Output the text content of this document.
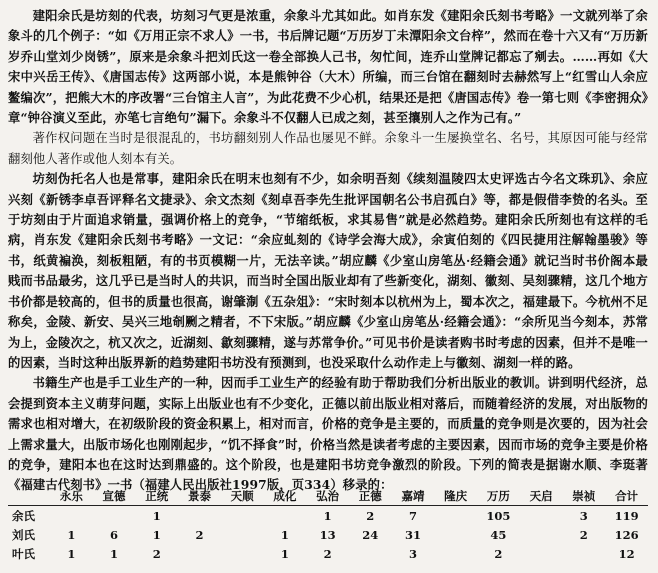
建阳余氏是坊刻的代表，坊刻习气更是浓重，余象斗尤其如此。如肖东发《建阳余氏刻书考略》一文就列举了余象斗的几个例子：“如《万用正宗不求人》一书，书后牌记题“万历岁丁未潭阳余文台梓”，然而在卷十六又有“万历新岁乔山堂刘少岗锈”，原来是余象斗把刘氏这一卷全部换人己书，匆忙间，连乔山堂牌记都忘了剜去。……再如《大宋中兴岳王传》、《唐国志传》这两部小说，本是熊钟谷（大木）所编，而三台馆在翻刻时去赫然写上“红雪山人余应鳌编次”，把熊大木的序改署“三台馆主人言”，为此花费不少心机，结果还是把《唐国志传》卷一第七则《李密拥众》章“钟谷演义至此，亦笔七言绝句”漏下。余象斗不仅翻人已成之刻，甚至攘别人之作为己有。”

著作权问题在当时是很混乱的，书坊翻刻别人作品也屡见不鲜。余象斗一生屡换堂名、名号，其原因可能与经常翻刻他人著作或他人刻本有关。

坊刻伪托名人也是常事，建阳余氏在明末也刻有不少，如余明吾刻《续刻温陵四太史评选古今名文珠玑》、余应兴刻《新锈李卓吾评释名文捷录》、余文杰刻《刻卓吾李先生批评国朝名公书启孤白》等，都是假借李贽的名头。至于坊刻由于片面追求销量，强调价格上的竞争，“节缩纸板，求其易售”就是必然趋势。建阳余氏所刻也有这样的毛病，肖东发《建阳余氏刻书考略》一文记：“余应虬刻的《诗学会海大成》，余寅伯刻的《四民捷用注解翰墨骏》等书，纸黄褊涣，刻板粗陋，有的书页模糊一片，无法辛读。”胡应麟《少室山房笔丛·经籍会通》就记当时书价阁本最贱而书品最劣，这几乎已是当时人的共识，而当时全国出版业却有了些新变化，湖刻、徽刻、吴刻骤精，这几个地方书价都是较高的，但书的质量也很高，谢肇淛《五杂俎》：“宋时刻本以杭州为上，蜀本次之，福建最下。今杭州不足称矣，金陵、新安、吴兴三地剞劂之精者，不下宋版。”胡应麟《少室山房笔丛·经籍会通》：“余所见当今刻本，苏常为上，金陵次之，杭又次之，近湖刻、歙刻骤精，遂与苏常争价。”可见书价是读者购书时考虑的因素，但并不是唯一的因素，当时这种出版界新的趋势建阳书坊没有预测到，也没采取什么动作走上与徽刻、湖刻一样的路。

书籍生产也是手工业生产的一种，因而手工业生产的经验有助于帮助我们分析出版业的教训。讲到明代经济，总会提到资本主义萌芽问题，实际上出版业也有不少变化，正德以前出版业相对落后，而随着经济的发展，对出版物的需求也相对增大，在初级阶段的资金积累上，相对而言，价格的竞争是主要的，而质量的竞争则是次要的，因为社会上需求量大，出版市场化也刚刚起步，“饥不择食”时，价格当然是读者考虑的主要因素，因而市场的竞争主要是价格的竞争，建阳本也在这时达到鼎盛的。这个阶段，也是建阳书坊竞争激烈的阶段。下列的简表是据谢水顺、李珽著《福建古代刻书》一书（福建人民出版社1997版，页334）移录的：

	永乐	宣德	正统	景泰	天顺	成化	弘治	正德	嘉靖	隆庆	万历	天启	崇祯	合计
余氏			1				1	2	7		105		3	119
刘氏	1	6	1	2		1	13	24	31		45		2	126
叶氏	1	1	2			1	2		3		2			12
